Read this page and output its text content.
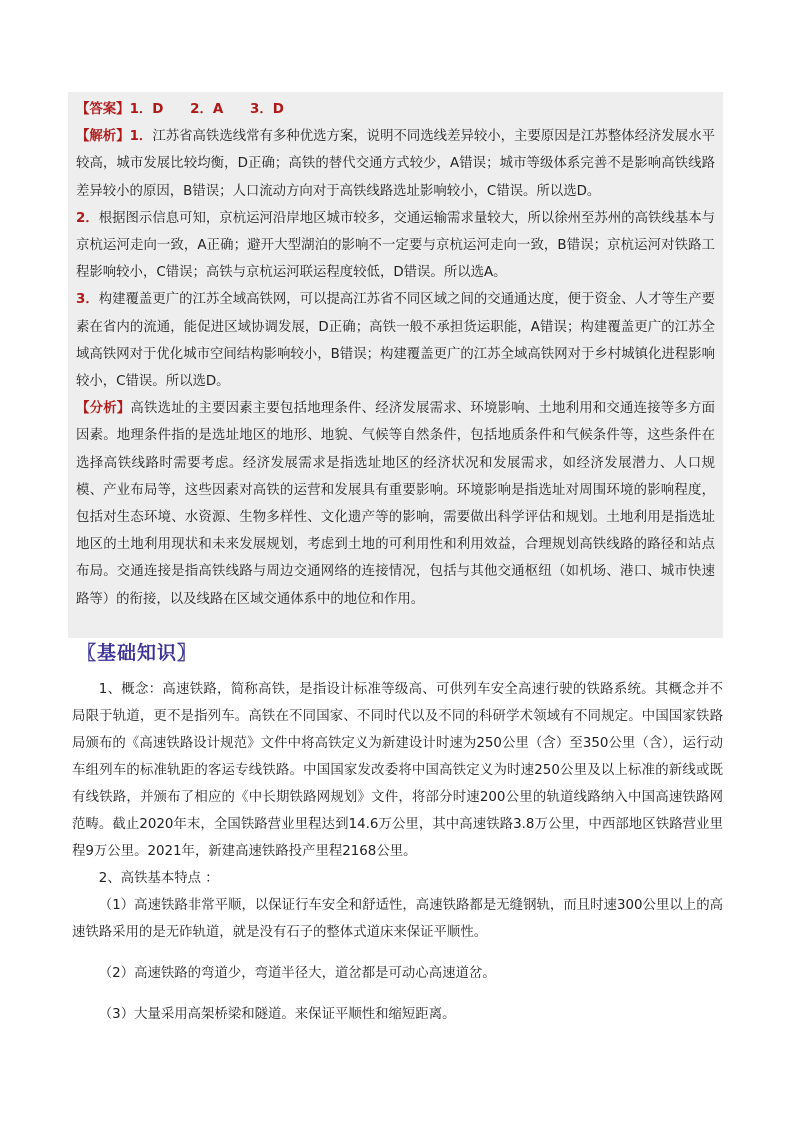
【答案】1．D　　2．A　　3．D

【解析】1．江苏省高铁选线常有多种优选方案，说明不同选线差异较小，主要原因是江苏整体经济发展水平较高，城市发展比较均衡，D正确；高铁的替代交通方式较少，A错误；城市等级体系完善不是影响高铁线路差异较小的原因，B错误；人口流动方向对于高铁线路选址影响较小，C错误。所以选D。

2．根据图示信息可知，京杭运河沿岸地区城市较多，交通运输需求量较大，所以徐州至苏州的高铁线基本与京杭运河走向一致，A正确；避开大型湖泊的影响不一定要与京杭运河走向一致，B错误；京杭运河对铁路工程影响较小，C错误；高铁与京杭运河联运程度较低，D错误。所以选A。

3．构建覆盖更广的江苏全域高铁网，可以提高江苏省不同区域之间的交通通达度，便于资金、人才等生产要素在省内的流通，能促进区域协调发展，D正确；高铁一般不承担货运职能，A错误；构建覆盖更广的江苏全域高铁网对于优化城市空间结构影响较小，B错误；构建覆盖更广的江苏全域高铁网对于乡村城镇化进程影响较小，C错误。所以选D。

【分析】高铁选址的主要因素主要包括地理条件、经济发展需求、环境影响、土地利用和交通连接等多方面因素。地理条件指的是选址地区的地形、地貌、气候等自然条件，包括地质条件和气候条件等，这些条件在选择高铁线路时需要考虑。经济发展需求是指选址地区的经济状况和发展需求，如经济发展潜力、人口规模、产业布局等，这些因素对高铁的运营和发展具有重要影响。环境影响是指选址对周围环境的影响程度，包括对生态环境、水资源、生物多样性、文化遗产等的影响，需要做出科学评估和规划。土地利用是指选址地区的土地利用现状和未来发展规划，考虑到土地的可利用性和利用效益，合理规划高铁线路的路径和站点布局。交通连接是指高铁线路与周边交通网络的连接情况，包括与其他交通枢纽（如机场、港口、城市快速路等）的衔接，以及线路在区域交通体系中的地位和作用。

〖基础知识〗

1、概念：高速铁路，简称高铁，是指设计标准等级高、可供列车安全高速行驶的铁路系统。其概念并不局限于轨道，更不是指列车。高铁在不同国家、不同时代以及不同的科研学术领域有不同规定。中国国家铁路局颁布的《高速铁路设计规范》文件中将高铁定义为新建设计时速为250公里（含）至350公里（含），运行动车组列车的标准轨距的客运专线铁路。中国国家发改委将中国高铁定义为时速250公里及以上标准的新线或既有线铁路，并颁布了相应的《中长期铁路网规划》文件，将部分时速200公里的轨道线路纳入中国高速铁路网范畴。截止2020年末，全国铁路营业里程达到14.6万公里，其中高速铁路3.8万公里，中西部地区铁路营业里程9万公里。2021年，新建高速铁路投产里程2168公里。

2、高铁基本特点 ：

（1）高速铁路非常平顺，以保证行车安全和舒适性，高速铁路都是无缝钢轨，而且时速300公里以上的高速铁路采用的是无砟轨道，就是没有石子的整体式道床来保证平顺性。

（2）高速铁路的弯道少，弯道半径大，道岔都是可动心高速道岔。

（3）大量采用高架桥梁和隧道。来保证平顺性和缩短距离。
